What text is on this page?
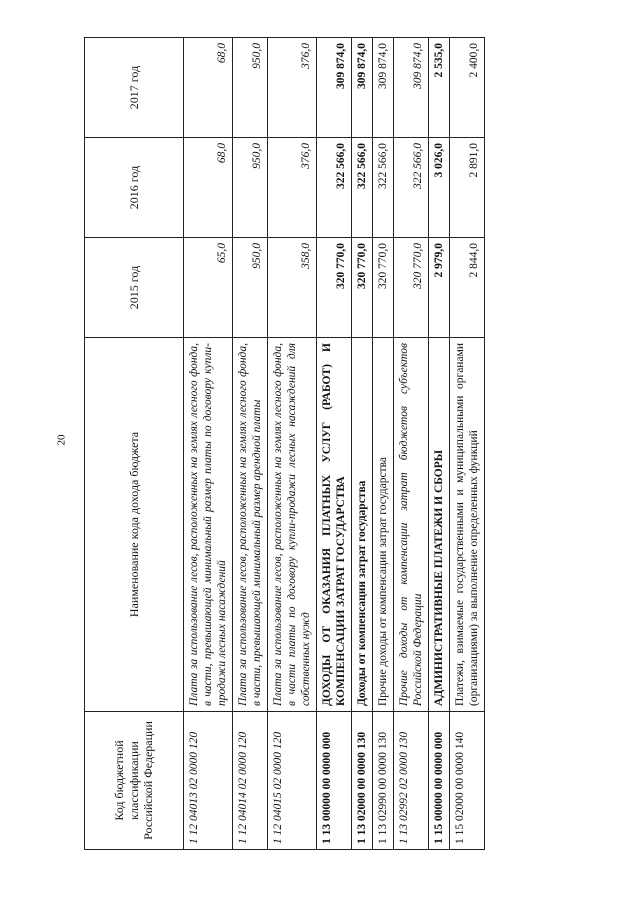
20
Код бюджетной классификации Российской Федерации	Наименование кода дохода бюджета	2015 год	2016 год	2017 год
1 12 04013 02 0000 120	Плата за использование лесов, расположенных на землях лесного фонда, в части, превышающей минимальный размер платы по договору купли-продажи лесных насаждений	65,0	68,0	68,0
1 12 04014 02 0000 120	Плата за использование лесов, расположенных на землях лесного фонда, в части, превышающей минимальный размер арендной платы	950,0	950,0	950,0
1 12 04015 02 0000 120	Плата за использование лесов, расположенных на землях лесного фонда, в части платы по договору купли-продажи лесных насаждений для собственных нужд	358,0	376,0	376,0
1 13 00000 00 0000 000	ДОХОДЫ ОТ ОКАЗАНИЯ ПЛАТНЫХ УСЛУГ (РАБОТ) И КОМПЕНСАЦИИ ЗАТРАТ ГОСУДАРСТВА	320 770,0	322 566,0	309 874,0
1 13 02000 00 0000 130	Доходы от компенсации затрат государства	320 770,0	322 566,0	309 874,0
1 13 02990 00 0000 130	Прочие доходы от компенсации затрат государства	320 770,0	322 566,0	309 874,0
1 13 02992 02 0000 130	Прочие доходы от компенсации затрат бюджетов субъектов Российской Федерации	320 770,0	322 566,0	309 874,0
1 15 00000 00 0000 000	АДМИНИСТРАТИВНЫЕ ПЛАТЕЖИ И СБОРЫ	2 979,0	3 026,0	2 535,0
1 15 02000 00 0000 140	Платежи, взимаемые государственными и муниципальными органами (организациями) за выполнение определенных функций	2 844,0	2 891,0	2 400,0
